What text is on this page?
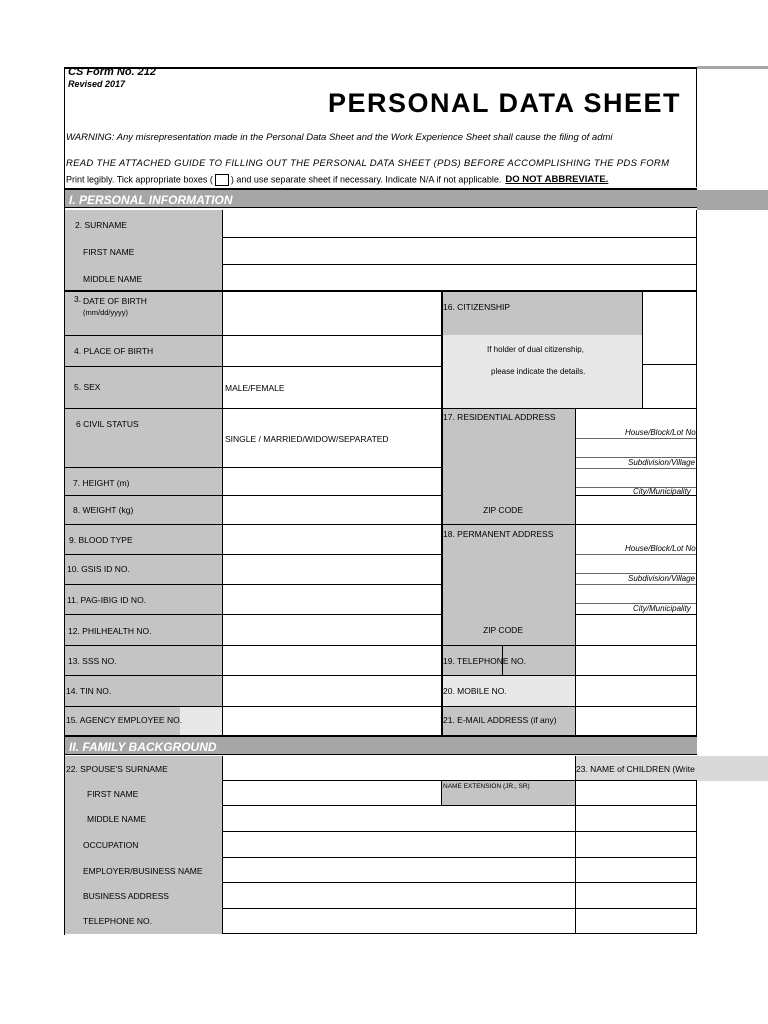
CS Form No. 212
Revised 2017
PERSONAL DATA SHEET
WARNING: Any misrepresentation made in the Personal Data Sheet and the Work Experience Sheet shall cause the filing of admi
READ THE ATTACHED GUIDE TO FILLING OUT THE PERSONAL DATA SHEET (PDS) BEFORE ACCOMPLISHING THE PDS FORM
Print legibly. Tick appropriate boxes ( ) and use separate sheet if necessary. Indicate N/A if not applicable. DO NOT ABBREVIATE.
I. PERSONAL INFORMATION
2. SURNAME
FIRST NAME
MIDDLE NAME
3. DATE OF BIRTH
(mm/dd/yyyy)
4. PLACE OF BIRTH
5. SEX	MALE/FEMALE
6 CIVIL STATUS
SINGLE / MARRIED/WIDOW/SEPARATED
7. HEIGHT (m)
8. WEIGHT (kg)
9. BLOOD TYPE
10. GSIS ID NO.
11. PAG-IBIG ID NO.
12. PHILHEALTH NO.
13. SSS NO.
14. TIN NO.
15. AGENCY EMPLOYEE NO.
16. CITIZENSHIP
If holder of dual citizenship,
please indicate the details.
17. RESIDENTIAL ADDRESS
House/Block/Lot No
Subdivision/Village
City/Municipality
ZIP CODE
18. PERMANENT ADDRESS
House/Block/Lot No
Subdivision/Village
City/Municipality
ZIP CODE
19. TELEPHONE NO.
20. MOBILE NO.
21. E-MAIL ADDRESS (if any)
II. FAMILY BACKGROUND
22. SPOUSE'S SURNAME
FIRST NAME
MIDDLE NAME
OCCUPATION
EMPLOYER/BUSINESS NAME
BUSINESS ADDRESS
TELEPHONE NO.
NAME EXTENSION (JR., SR)
23. NAME of CHILDREN (Write
